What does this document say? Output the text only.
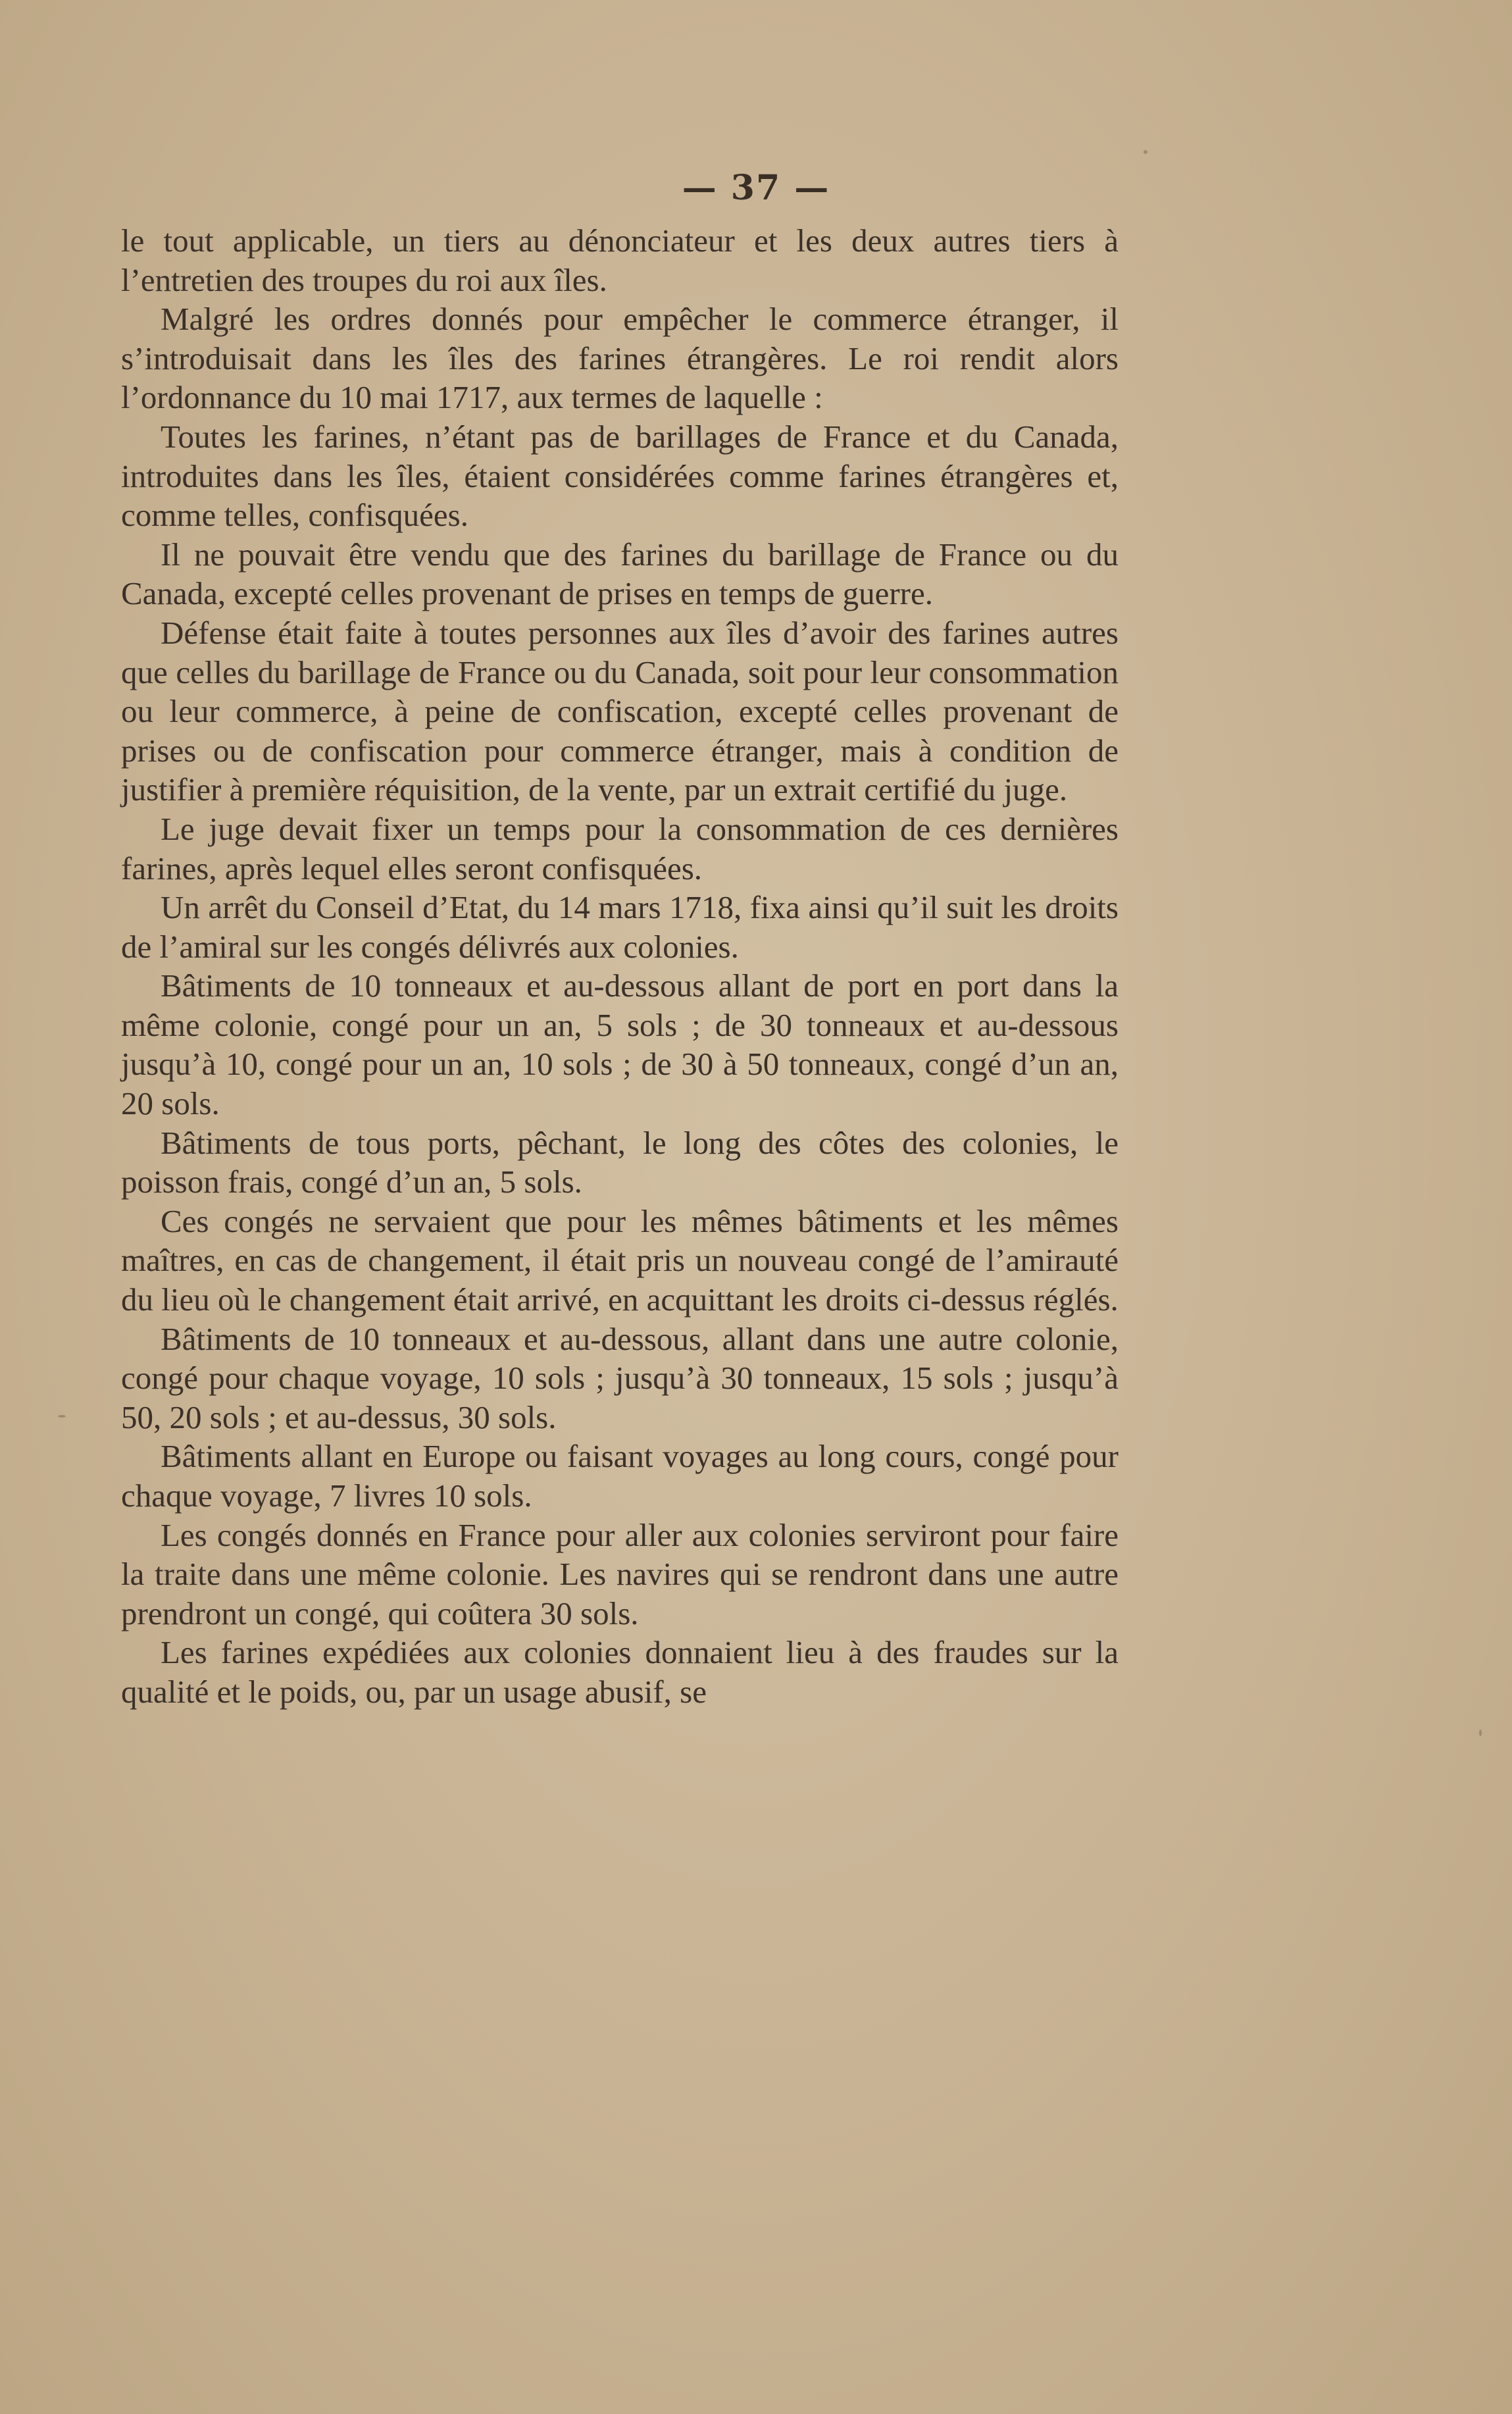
— 37 —

le tout applicable, un tiers au dénonciateur et les deux autres tiers à l’entretien des troupes du roi aux îles.

Malgré les ordres donnés pour empêcher le commerce étranger, il s’introduisait dans les îles des farines étrangères. Le roi rendit alors l’ordonnance du 10 mai 1717, aux termes de laquelle :

Toutes les farines, n’étant pas de barillages de France et du Canada, introduites dans les îles, étaient considérées comme farines étrangères et, comme telles, confisquées.

Il ne pouvait être vendu que des farines du barillage de France ou du Canada, excepté celles provenant de prises en temps de guerre.

Défense était faite à toutes personnes aux îles d’avoir des farines autres que celles du barillage de France ou du Canada, soit pour leur consommation ou leur commerce, à peine de confiscation, excepté celles provenant de prises ou de confiscation pour commerce étranger, mais à condition de justifier à première réquisition, de la vente, par un extrait certifié du juge.

Le juge devait fixer un temps pour la consommation de ces dernières farines, après lequel elles seront confisquées.

Un arrêt du Conseil d’Etat, du 14 mars 1718, fixa ainsi qu’il suit les droits de l’amiral sur les congés délivrés aux colonies.

Bâtiments de 10 tonneaux et au-dessous allant de port en port dans la même colonie, congé pour un an, 5 sols ; de 30 tonneaux et au-dessous jusqu’à 10, congé pour un an, 10 sols ; de 30 à 50 tonneaux, congé d’un an, 20 sols.

Bâtiments de tous ports, pêchant, le long des côtes des colonies, le poisson frais, congé d’un an, 5 sols.

Ces congés ne servaient que pour les mêmes bâtiments et les mêmes maîtres, en cas de changement, il était pris un nouveau congé de l’amirauté du lieu où le changement était arrivé, en acquittant les droits ci-dessus réglés.

Bâtiments de 10 tonneaux et au-dessous, allant dans une autre colonie, congé pour chaque voyage, 10 sols ; jusqu’à 30 tonneaux, 15 sols ; jusqu’à 50, 20 sols ; et au-dessus, 30 sols.

Bâtiments allant en Europe ou faisant voyages au long cours, congé pour chaque voyage, 7 livres 10 sols.

Les congés donnés en France pour aller aux colonies serviront pour faire la traite dans une même colonie. Les navires qui se rendront dans une autre prendront un congé, qui coûtera 30 sols.

Les farines expédiées aux colonies donnaient lieu à des fraudes sur la qualité et le poids, ou, par un usage abusif, se
